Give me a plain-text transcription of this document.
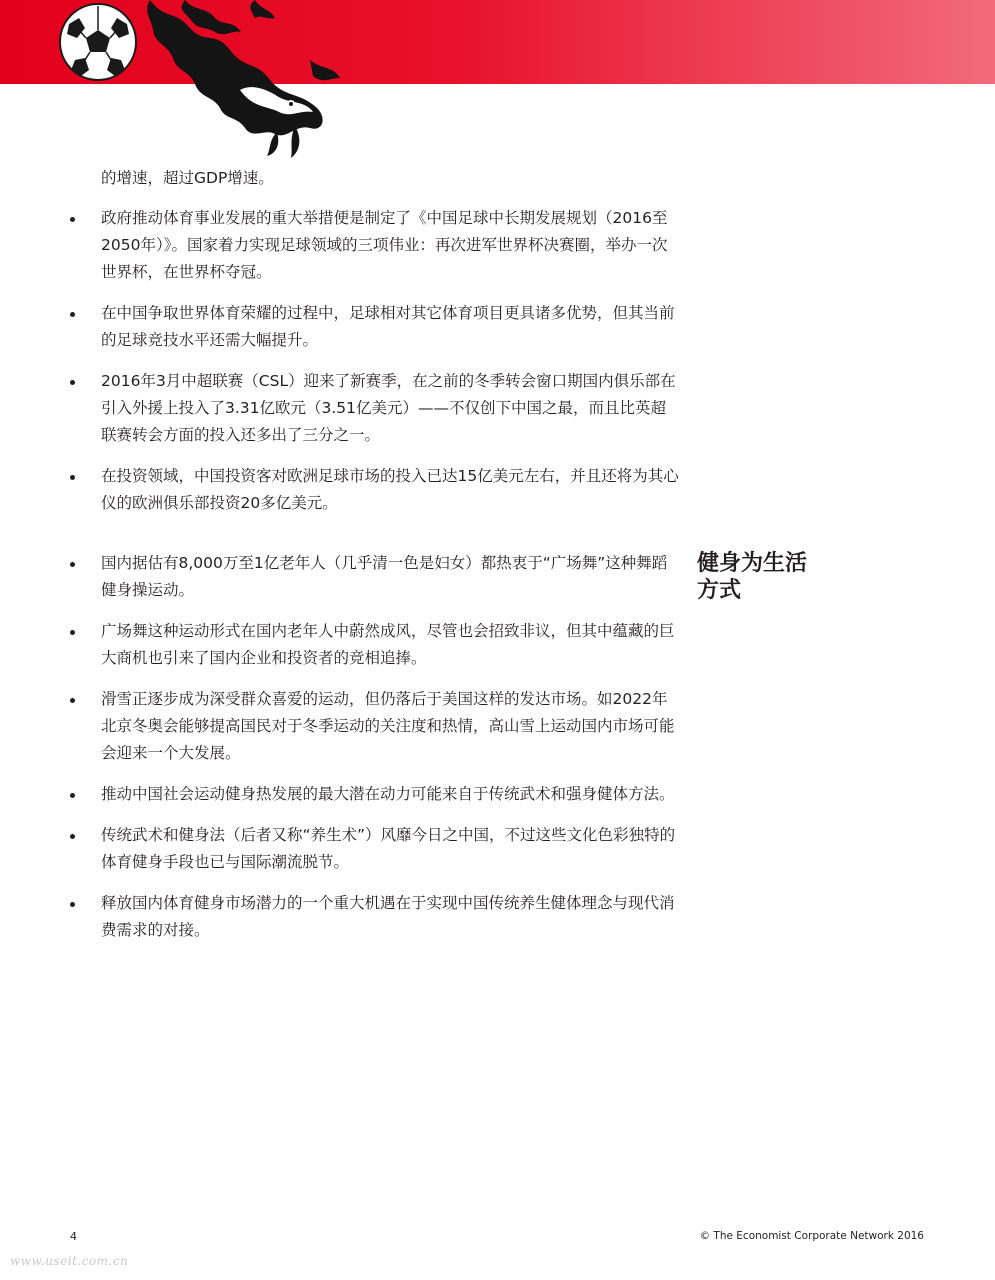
的增速，超过GDP增速。

政府推动体育事业发展的重大举措便是制定了《中国足球中长期发展规划（2016至2050年）》。国家着力实现足球领域的三项伟业：再次进军世界杯决赛圈，举办一次世界杯，在世界杯夺冠。
在中国争取世界体育荣耀的过程中，足球相对其它体育项目更具诸多优势，但其当前的足球竞技水平还需大幅提升。
2016年3月中超联赛（CSL）迎来了新赛季，在之前的冬季转会窗口期国内俱乐部在引入外援上投入了3.31亿欧元（3.51亿美元）——不仅创下中国之最，而且比英超联赛转会方面的投入还多出了三分之一。
在投资领域，中国投资客对欧洲足球市场的投入已达15亿美元左右，并且还将为其心仪的欧洲俱乐部投资20多亿美元。
健身为生活方式
国内据估有8,000万至1亿老年人（几乎清一色是妇女）都热衷于“广场舞”这种舞蹈健身操运动。
广场舞这种运动形式在国内老年人中蔚然成风，尽管也会招致非议，但其中蕴藏的巨大商机也引来了国内企业和投资者的竞相追捧。
滑雪正逐步成为深受群众喜爱的运动，但仍落后于美国这样的发达市场。如2022年北京冬奥会能够提高国民对于冬季运动的关注度和热情，高山雪上运动国内市场可能会迎来一个大发展。
推动中国社会运动健身热发展的最大潜在动力可能来自于传统武术和强身健体方法。
传统武术和健身法（后者又称“养生术”）风靡今日之中国，不过这些文化色彩独特的体育健身手段也已与国际潮流脱节。
释放国内体育健身市场潜力的一个重大机遇在于实现中国传统养生健体理念与现代消费需求的对接。
4	© The Economist Corporate Network 2016
www.useit.com.cn
